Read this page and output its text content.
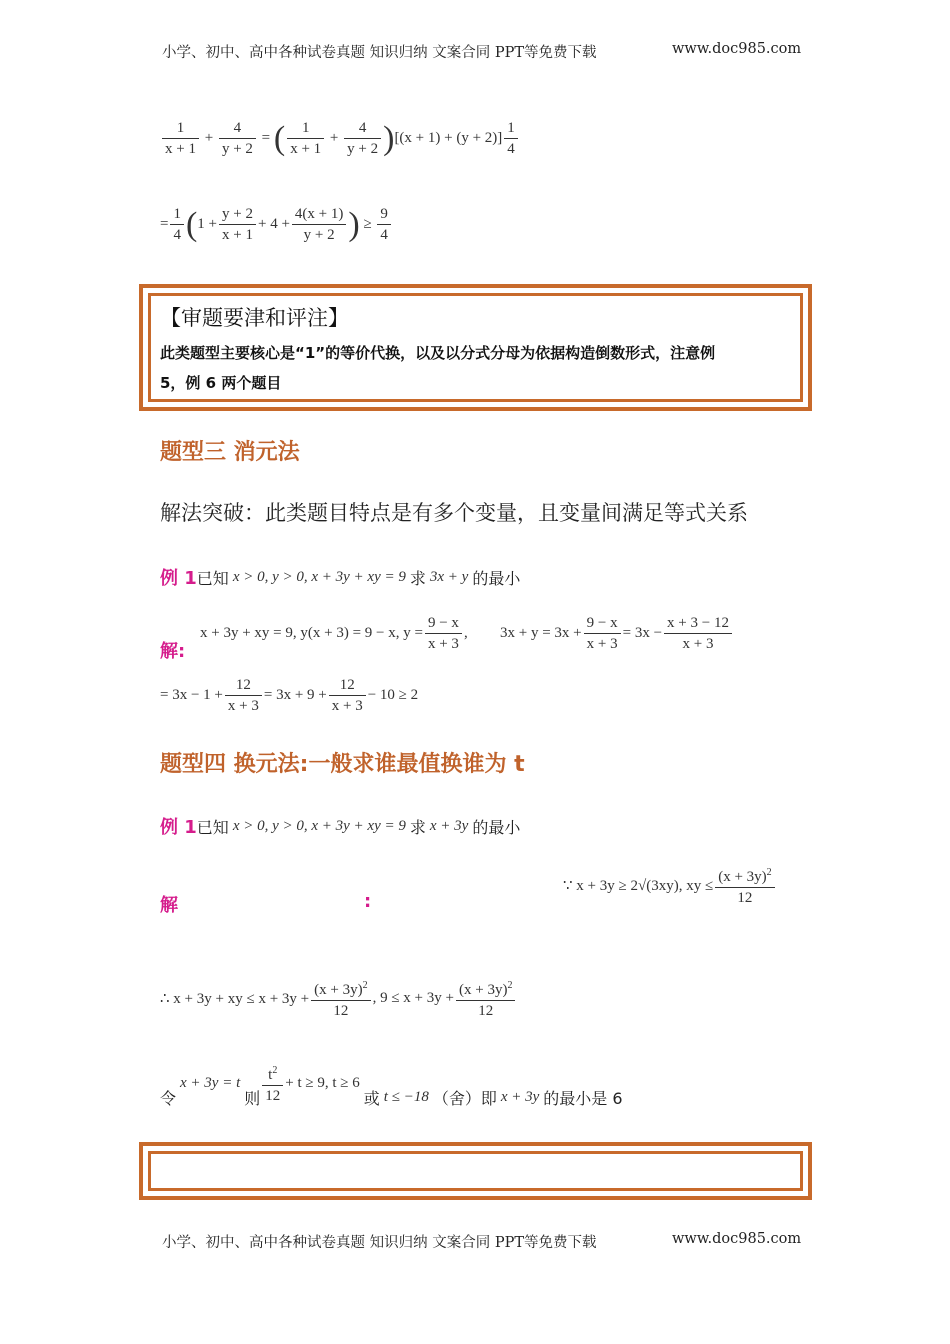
小学、初中、高中各种试卷真题 知识归纳 文案合同 PPT等免费下载	www.doc985.com
$\frac{1}{x + 1} + \frac{4}{y + 2}$ = ( $\frac{1}{x + 1} + \frac{4}{y + 2}$ ) $[(x + 1) + (y + 2)] \frac{1}{4}$
= $\frac{1}{4}$ ( $1 + \frac{y + 2}{x + 1} + 4 + \frac{4(x + 1)}{y + 2}$ ) ≥ $\frac{9}{4}$
【审题要津和评注】
此类题型主要核心是“1”的等价代换，以及以分式分母为依据构造倒数形式，注意例
5，例 6 两个题目
题型三 消元法
解法突破：此类题目特点是有多个变量，且变量间满足等式关系
例 1 已知 x > 0, y > 0, x + 3y + xy = 9 求 3x + y 的最小
解:
x + 3y + xy = 9, y(x + 3) = 9 − x, $y = \frac{9 - x}{x + 3}$ , $3x + y = 3x + \frac{9 - x}{x + 3} = 3x - \frac{x + 3 - 12}{x + 3}$
= $3x - 1 + \frac{12}{x + 3} = 3x + 9 + \frac{12}{x + 3} - 10 \ge 2$
题型四 换元法:一般求谁最值换谁为 t
例 1 已知 x > 0, y > 0, x + 3y + xy = 9 求 x + 3y 的最小
解	:
∵ x + 3y ≥ 2√(3xy), xy ≤ $\frac{(x + 3y)^2}{12}$
∴ x + 3y + xy ≤ $x + 3y + \frac{(x + 3y)^2}{12}$ , $9 \le x + 3y + \frac{(x + 3y)^2}{12}$
令
x + 3y = t
则 $\frac{t^2}{12} + t \ge 9$, t ≥ 6
或 t ≤ −18 （舍）即 x + 3y 的最小是 6
小学、初中、高中各种试卷真题 知识归纳 文案合同 PPT等免费下载	www.doc985.com
